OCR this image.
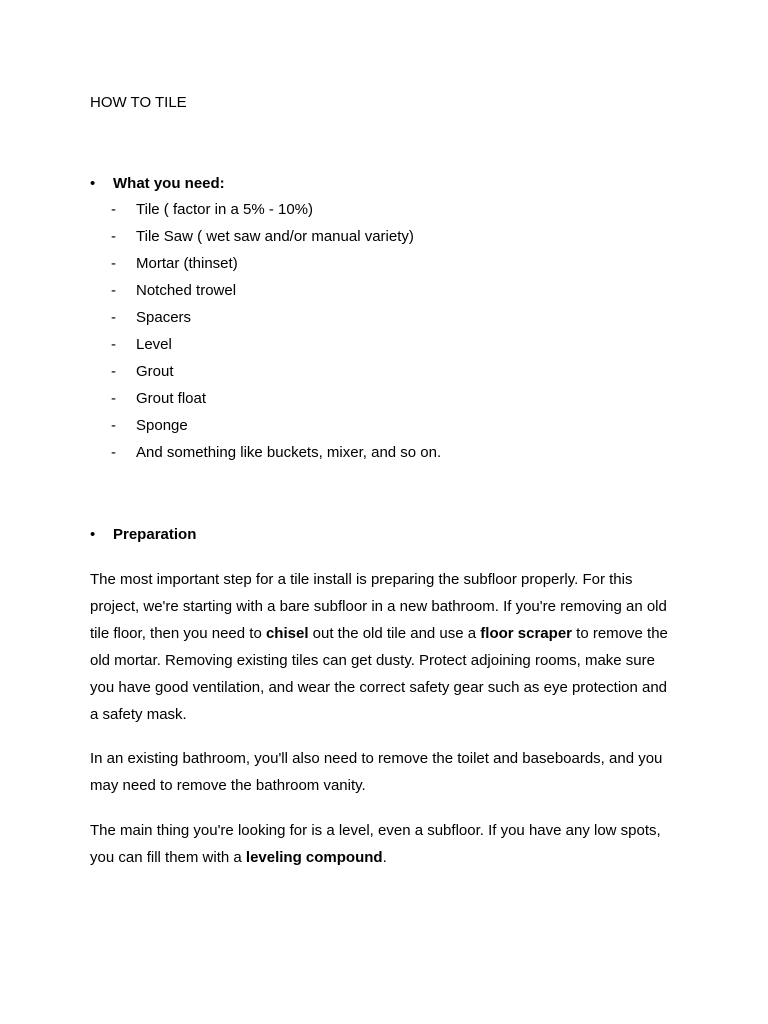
HOW TO TILE

• What you need:

- Tile ( factor in a 5% - 10%)
- Tile Saw ( wet saw and/or manual variety)
- Mortar (thinset)
- Notched trowel
- Spacers
- Level
- Grout
- Grout float
- Sponge
- And something like buckets, mixer, and so on.

• Preparation

The most important step for a tile install is preparing the subfloor properly. For this
project, we're starting with a bare subfloor in a new bathroom. If you're removing an old
tile floor, then you need to chisel out the old tile and use a floor scraper to remove the
old mortar. Removing existing tiles can get dusty. Protect adjoining rooms, make sure
you have good ventilation, and wear the correct safety gear such as eye protection and
a safety mask.

In an existing bathroom, you'll also need to remove the toilet and baseboards, and you
may need to remove the bathroom vanity.

The main thing you're looking for is a level, even a subfloor. If you have any low spots,
you can fill them with a leveling compound.
